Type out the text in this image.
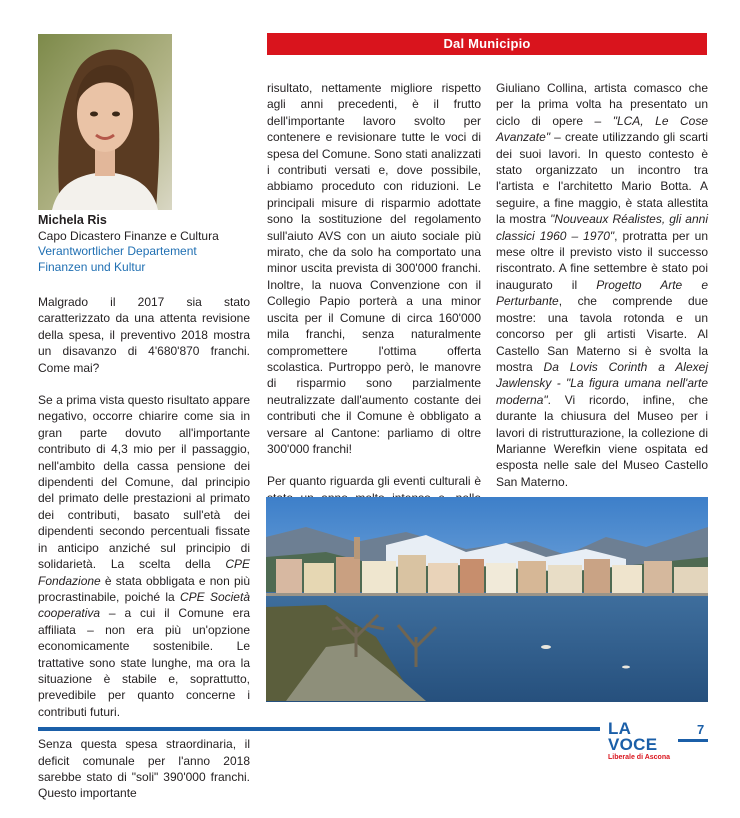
Dal Municipio
Michela Ris
Capo Dicastero Finanze e Cultura
Verantwortlicher Departement
Finanzen und Kultur

Malgrado il 2017 sia stato caratterizzato da una attenta revisione della spesa, il preventivo 2018 mostra un disavanzo di 4'680'870 franchi. Come mai?

Se a prima vista questo risultato appare negativo, occorre chiarire come sia in gran parte dovuto all'importante contributo di 4,3 mio per il passaggio, nell'ambito della cassa pensione dei dipendenti del Comune, dal principio del primato delle prestazioni al primato dei contributi, basato sull'età dei dipendenti secondo percentuali fissate in anticipo anziché sul principio di solidarietà. La scelta della CPE Fondazione è stata obbligata e non più procrastinabile, poiché la CPE Società cooperativa – a cui il Comune era affiliata – non era più un'opzione economicamente sostenibile. Le trattative sono state lunghe, ma ora la situazione è stabile e, soprattutto, prevedibile per quanto concerne i contributi futuri.

Senza questa spesa straordinaria, il deficit comunale per l'anno 2018 sarebbe stato di "soli" 390'000 franchi. Questo importante

risultato, nettamente migliore rispetto agli anni precedenti, è il frutto dell'importante lavoro svolto per contenere e revisionare tutte le voci di spesa del Comune. Sono stati analizzati i contributi versati e, dove possibile, abbiamo proceduto con riduzioni. Le principali misure di risparmio adottate sono la sostituzione del regolamento sull'aiuto AVS con un aiuto sociale più mirato, che da solo ha comportato una minor uscita prevista di 300'000 franchi. Inoltre, la nuova Convenzione con il Collegio Papio porterà a una minor uscita per il Comune di circa 160'000 mila franchi, senza naturalmente compromettere l'ottima offerta scolastica. Purtroppo però, le manovre di risparmio sono parzialmente neutralizzate dall'aumento costante dei contributi che il Comune è obbligato a versare al Cantone: parliamo di oltre 300'000 franchi!

Per quanto riguarda gli eventi culturali è

Giuliano Collina, artista comasco che per la prima volta ha presentato un ciclo di opere – "LCA, Le Cose Avanzate" – create utilizzando gli scarti dei suoi lavori. In questo contesto è stato organizzato un incontro tra l'artista e l'architetto Mario Botta. A seguire, a fine maggio, è stata allestita la mostra "Nouveaux Réalistes, gli anni classici 1960 – 1970", protratta per un mese oltre il previsto visto il successo riscontrato. A fine settembre è stato poi inaugurato il Progetto Arte e Perturbante, che comprende due mostre: una tavola rotonda e un concorso per gli artisti Visarte. Al Castello San Materno si è svolta la mostra Da Lovis Corinth a Alexej Jawlensky - "La figura umana nell'arte moderna". Vi ricordo, infine, che durante la chiusura del Museo per i lavori di ristrutturazione, la collezione di Marianne Werefkin viene ospitata ed esposta nelle sale del Museo Castello San Materno.

LA VOCE
Liberale di Ascona
7
